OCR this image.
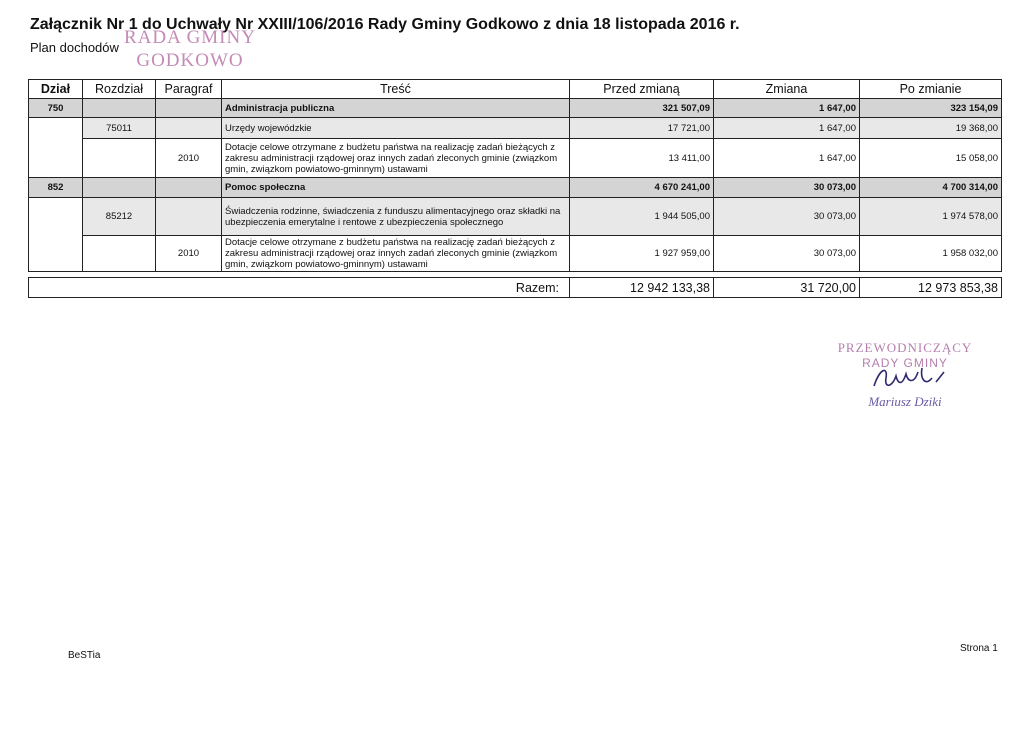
Załącznik Nr 1 do Uchwały Nr XXIII/106/2016 Rady Gminy Godkowo z dnia 18 listopada 2016 r.
Plan dochodów RADA GMINY
GODKOWO
Dział	Rozdział	Paragraf	Treść	Przed zmianą	Zmiana	Po zmianie
750			Administracja publiczna	321 507,09	1 647,00	323 154,09
	75011		Urzędy wojewódzkie	17 721,00	1 647,00	19 368,00
		2010	Dotacje celowe otrzymane z budżetu państwa na realizację zadań bieżących z zakresu administracji rządowej oraz innych zadań zleconych gminie (związkom gmin, związkom powiatowo-gminnym) ustawami	13 411,00	1 647,00	15 058,00
852			Pomoc społeczna	4 670 241,00	30 073,00	4 700 314,00
	85212		Świadczenia rodzinne, świadczenia z funduszu alimentacyjnego oraz składki na ubezpieczenia emerytalne i rentowe z ubezpieczenia społecznego	1 944 505,00	30 073,00	1 974 578,00
		2010	Dotacje celowe otrzymane z budżetu państwa na realizację zadań bieżących z zakresu administracji rządowej oraz innych zadań zleconych gminie (związkom gmin, związkom powiatowo-gminnym) ustawami	1 927 959,00	30 073,00	1 958 032,00
Razem:	12 942 133,38	31 720,00	12 973 853,38
PRZEWODNICZĄCY
RADY GMINY
Mariusz Dziki
BeSTia
Strona 1
